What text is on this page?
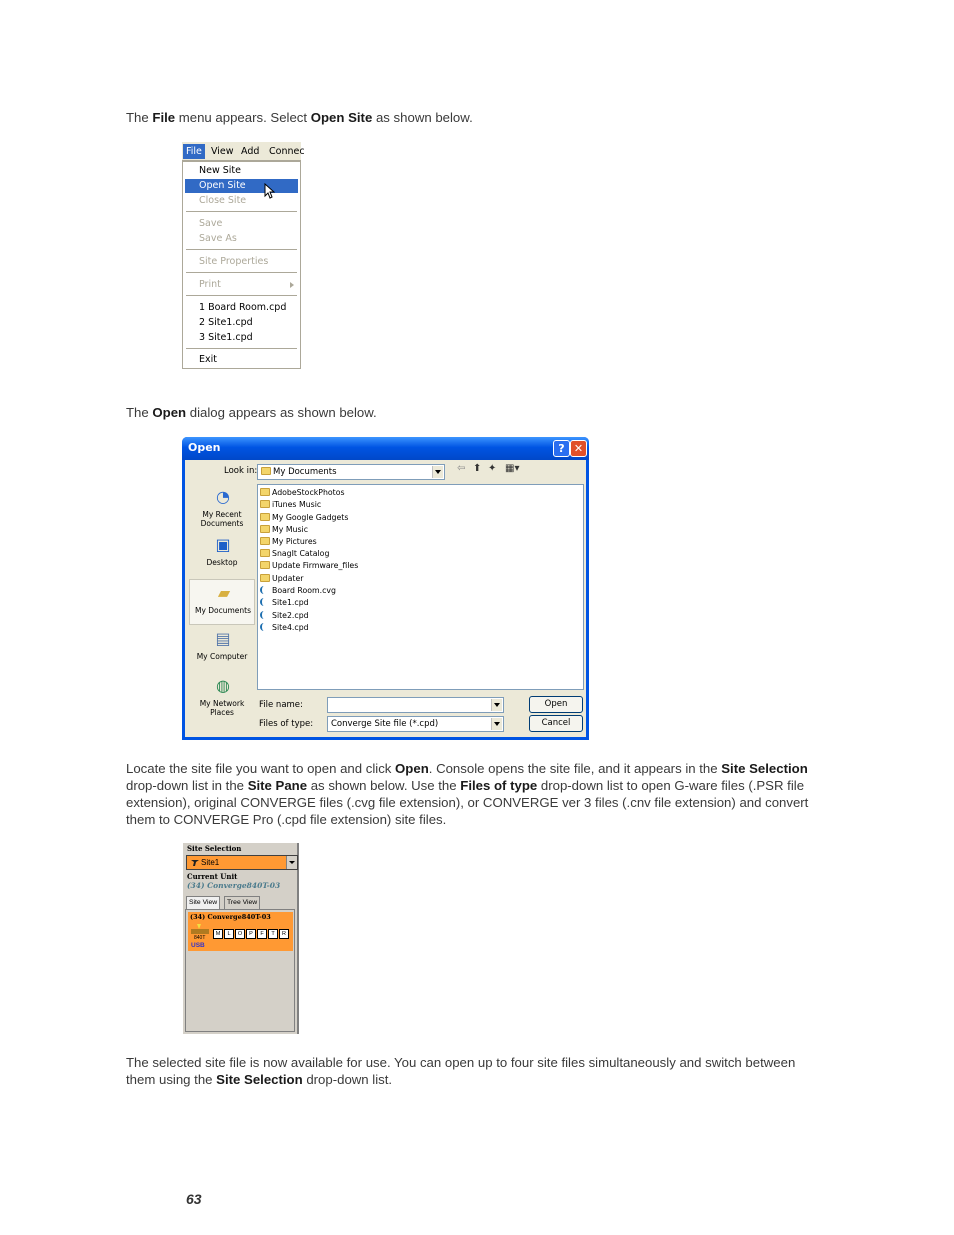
The File menu appears. Select Open Site as shown below.
File View Add	Connec
New Site
Open Site
Close Site
Save
Save As
Site Properties
Print
1 Board Room.cpd
2 Site1.cpd
3 Site1.cpd
Exit
The Open dialog appears as shown below.
Open	? ✕
Look in:	My Documents	⇦ ⬆ ✦ ▦▾
◔
My Recent Documents
▣
Desktop
▰
My Documents
▤
My Computer
◍
My Network Places
AdobeStockPhotos
iTunes Music
My Google Gadgets
My Music
My Pictures
SnagIt Catalog
Update Firmware_files
Updater
Board Room.cvg
Site1.cpd
Site2.cpd
Site4.cpd
File name:
Files of type: Converge Site file (*.cpd)
Open
Cancel
Locate the site file you want to open and click Open. Console opens the site file, and it appears in the Site Selection drop-down list in the Site Pane as shown below. Use the Files of type drop-down list to open G-ware files (.PSR file extension), original CONVERGE files (.cvg file extension), or CONVERGE ver 3 files (.cnv file extension) and convert them to CONVERGE Pro (.cpd file extension) site files.
Site Selection
Site1
Current Unit
(34) Converge840T-03
Site View	Tree View
(34) Converge840T-03
840T
M	L	O	P	F	T	R
USB
The selected site file is now available for use. You can open up to four site files simultaneously and switch between them using the Site Selection drop-down list.
63
